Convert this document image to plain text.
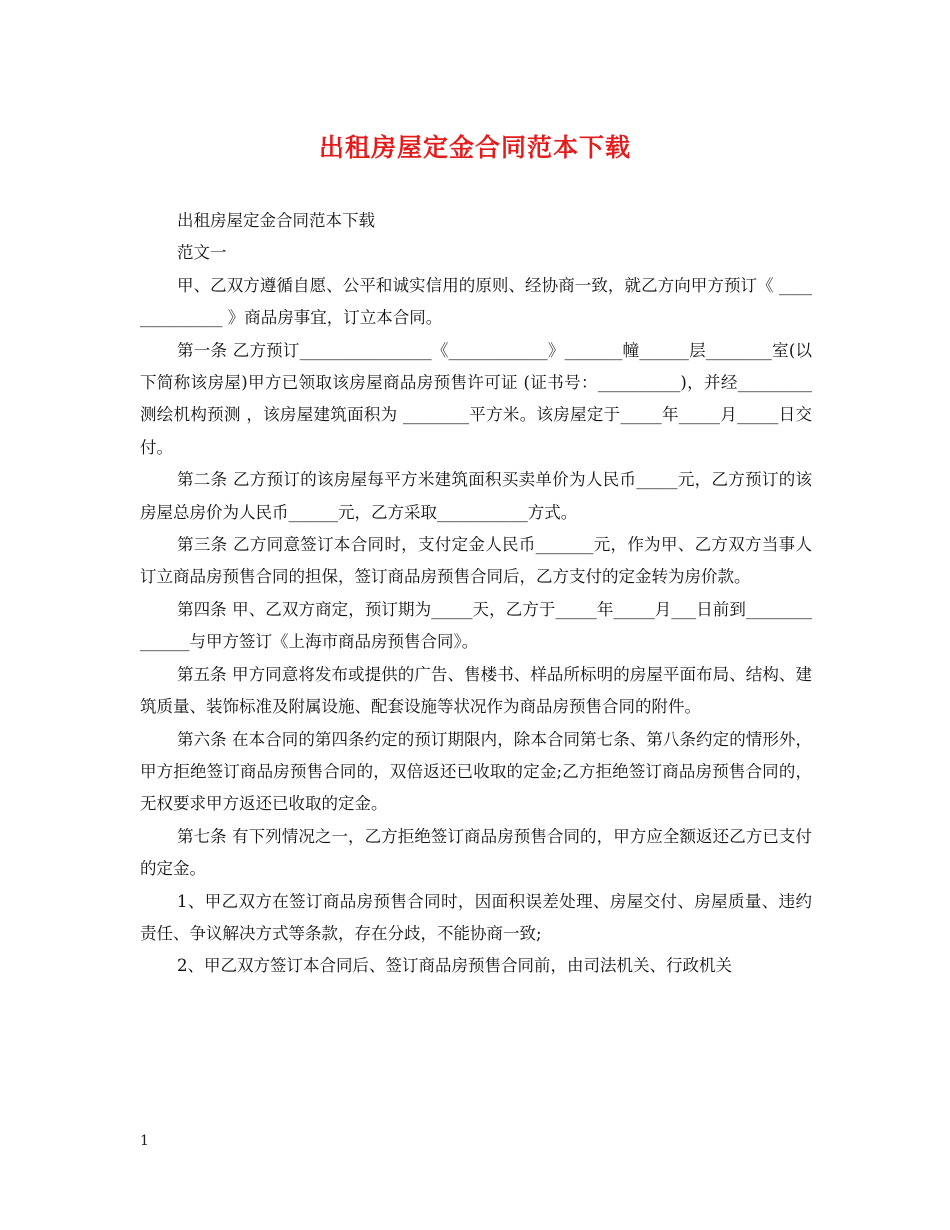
出租房屋定金合同范本下载

出租房屋定金合同范本下载

范文一

甲、乙双方遵循自愿、公平和诚实信用的原则、经协商一致，就乙方向甲方预订《 ______________ 》商品房事宜，订立本合同。

第一条 乙方预订________________《____________》_______幢______层________室(以下简称该房屋)甲方已领取该房屋商品房预售许可证 (证书号：__________)，并经_________测绘机构预测 ，该房屋建筑面积为 ________平方米。该房屋定于_____年_____月_____日交付。

第二条 乙方预订的该房屋每平方米建筑面积买卖单价为人民币_____元，乙方预订的该房屋总房价为人民币______元，乙方采取___________方式。

第三条 乙方同意签订本合同时，支付定金人民币_______元，作为甲、乙方双方当事人订立商品房预售合同的担保，签订商品房预售合同后，乙方支付的定金转为房价款。

第四条 甲、乙双方商定，预订期为_____天，乙方于_____年_____月___日前到______________与甲方签订《上海市商品房预售合同》。

第五条 甲方同意将发布或提供的广告、售楼书、样品所标明的房屋平面布局、结构、建筑质量、装饰标准及附属设施、配套设施等状况作为商品房预售合同的附件。

第六条 在本合同的第四条约定的预订期限内，除本合同第七条、第八条约定的情形外，甲方拒绝签订商品房预售合同的，双倍返还已收取的定金;乙方拒绝签订商品房预售合同的，无权要求甲方返还已收取的定金。

第七条 有下列情况之一，乙方拒绝签订商品房预售合同的，甲方应全额返还乙方已支付的定金。

1、甲乙双方在签订商品房预售合同时，因面积误差处理、房屋交付、房屋质量、违约责任、争议解决方式等条款，存在分歧，不能协商一致;

2、甲乙双方签订本合同后、签订商品房预售合同前，由司法机关、行政机关

1
